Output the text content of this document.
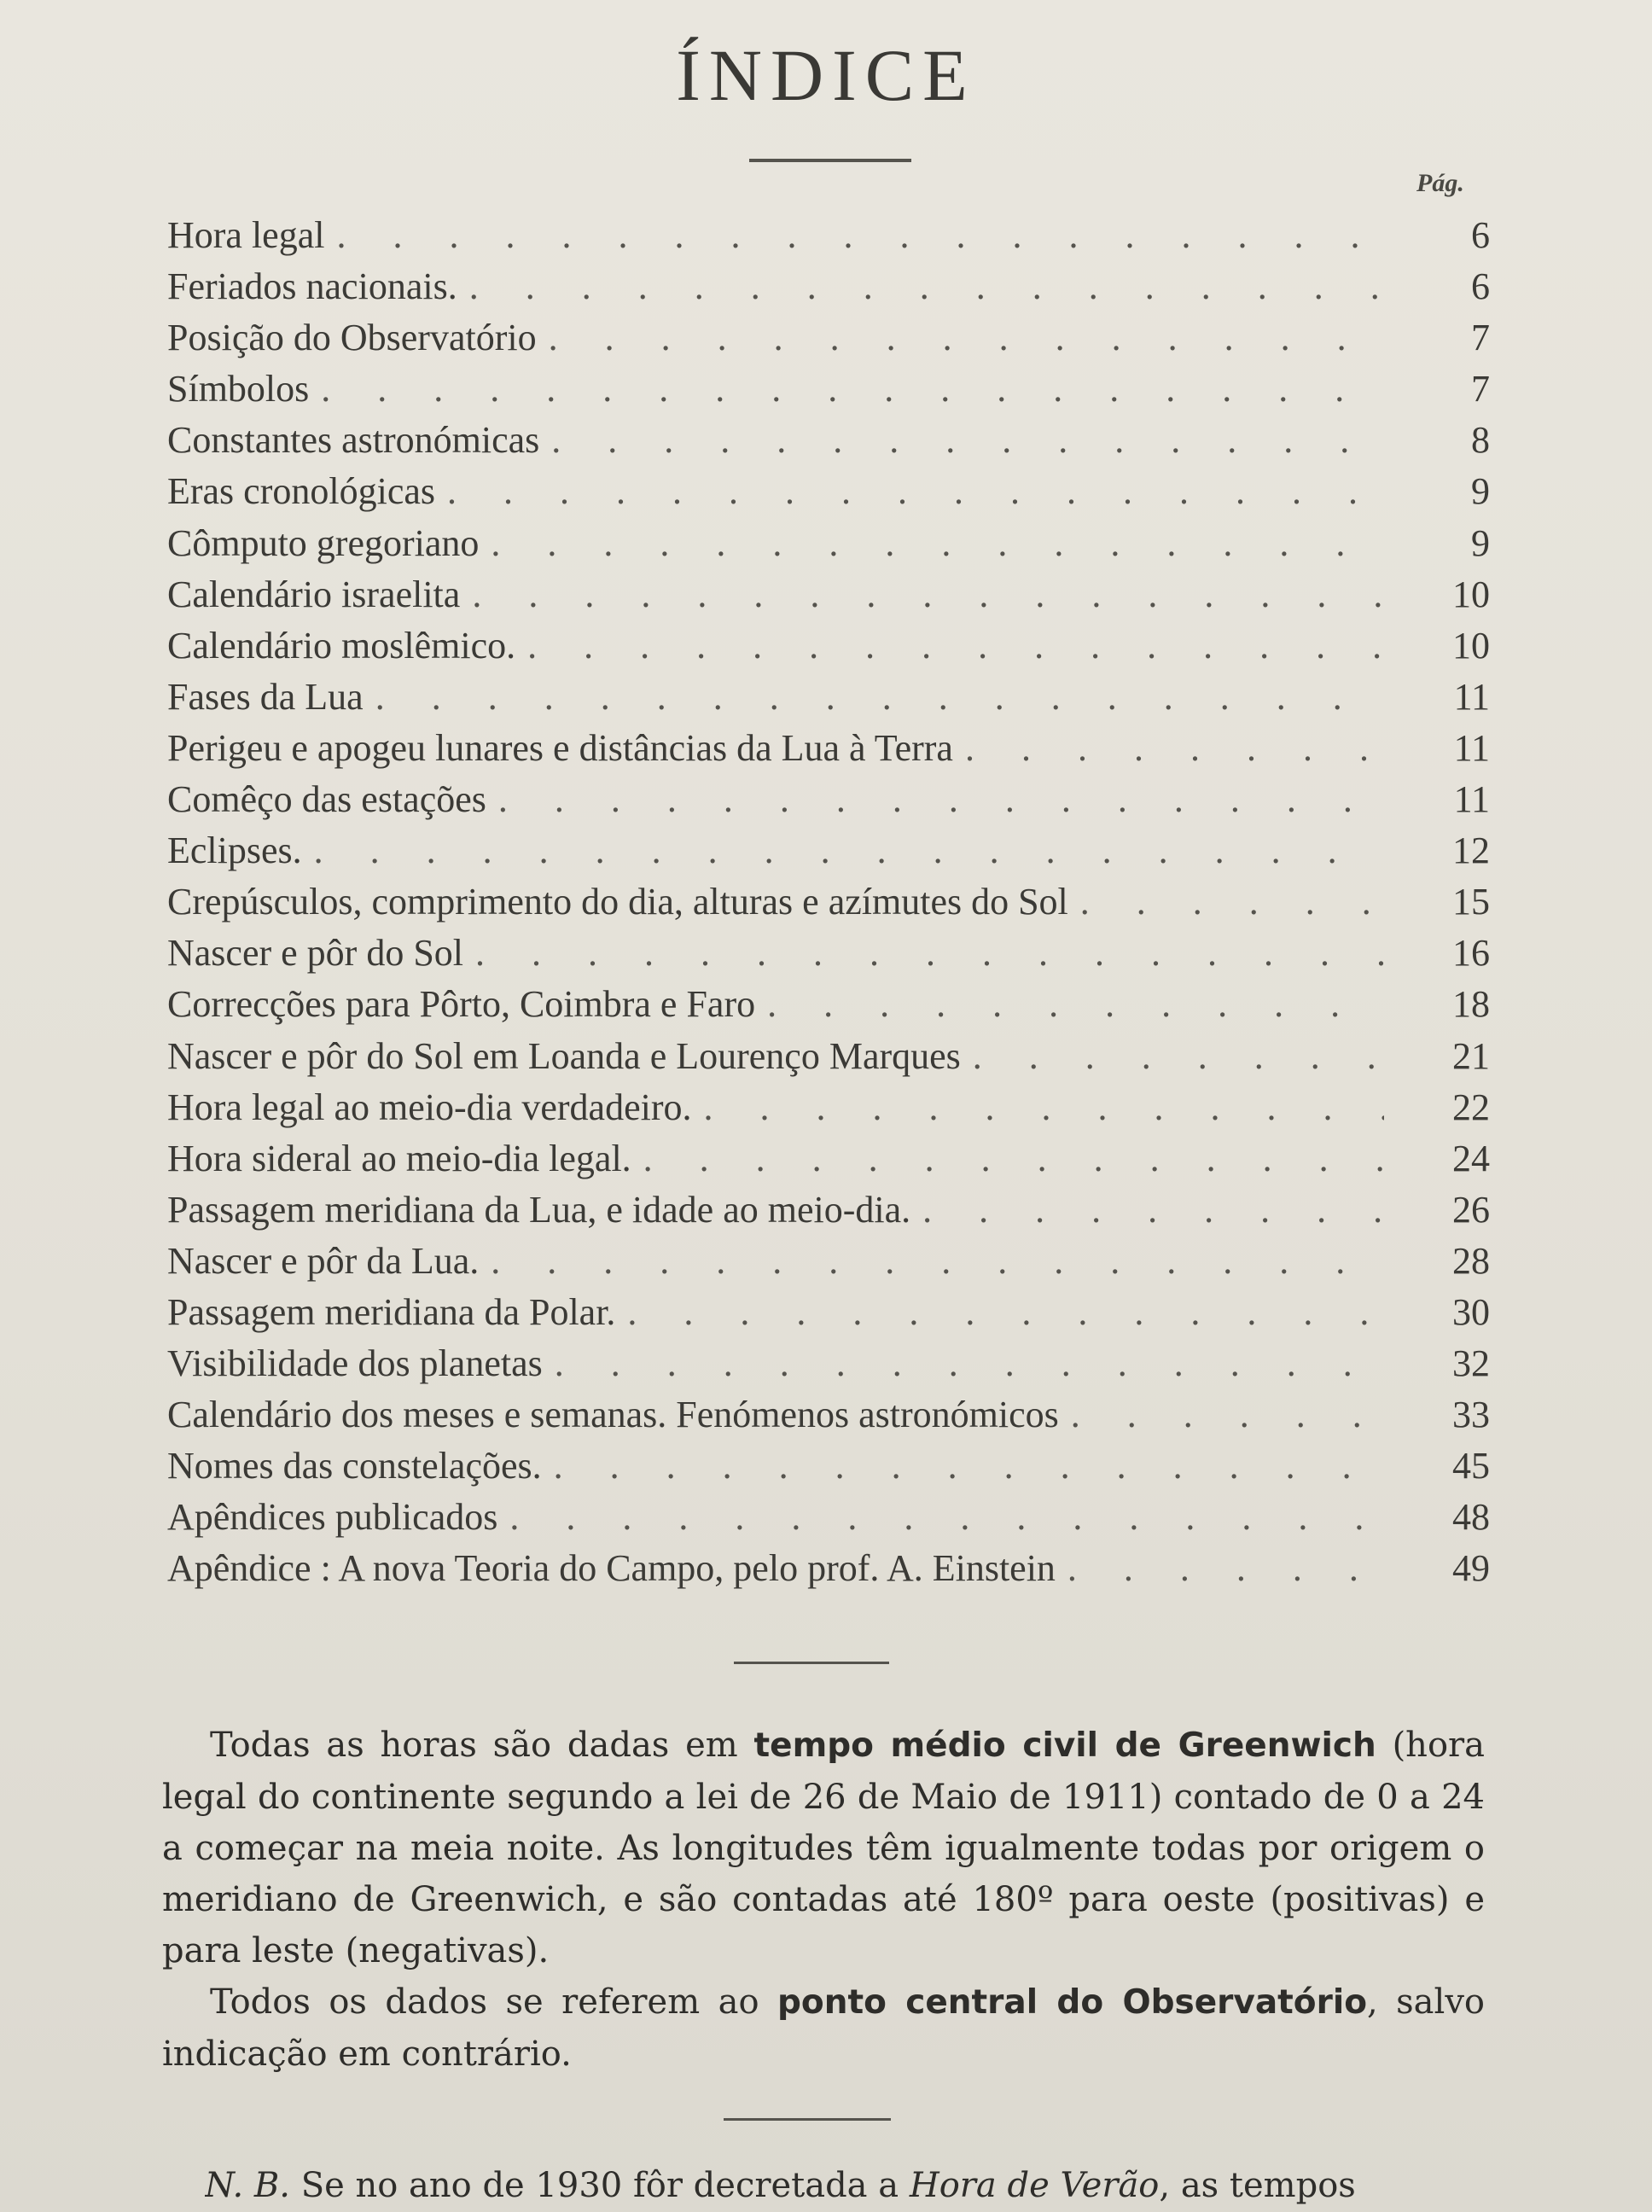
ÍNDICE
Pág.
Hora legal . . .	6
Feriados nacionais. . . .	6
Posição do Observatório . . .	7
Símbolos . . .	7
Constantes astronómicas . . .	8
Eras cronológicas . . .	9
Cômputo gregoriano . . .	9
Calendário israelita . . .	10
Calendário moslêmico. . . .	10
Fases da Lua . . .	11
Perigeu e apogeu lunares e distâncias da Lua à Terra . . .	11
Comêço das estações . . .	11
Eclipses. . . .	12
Crepúsculos, comprimento do dia, alturas e azímutes do Sol . . .	15
Nascer e pôr do Sol . . .	16
Correcções para Pôrto, Coimbra e Faro . . .	18
Nascer e pôr do Sol em Loanda e Lourenço Marques . . .	21
Hora legal ao meio-dia verdadeiro. . . .	22
Hora sideral ao meio-dia legal. . . .	24
Passagem meridiana da Lua, e idade ao meio-dia. . . .	26
Nascer e pôr da Lua. . . .	28
Passagem meridiana da Polar. . . .	30
Visibilidade dos planetas . . .	32
Calendário dos meses e semanas. Fenómenos astronómicos . . .	33
Nomes das constelações. . . .	45
Apêndices publicados . . .	48
Apêndice : A nova Teoria do Campo, pelo prof. A. Einstein . . .	49

Todas as horas são dadas em tempo médio civil de Greenwich (hora legal do continente segundo a lei de 26 de Maio de 1911) contado de 0 a 24 a começar na meia noite. As longitudes têm igualmente todas por origem o meridiano de Greenwich, e são contadas até 180º para oeste (positivas) e para leste (negativas).

Todos os dados se referem ao ponto central do Observatório, salvo indicação em contrário.

N. B. Se no ano de 1930 fôr decretada a Hora de Verão, as tempos
